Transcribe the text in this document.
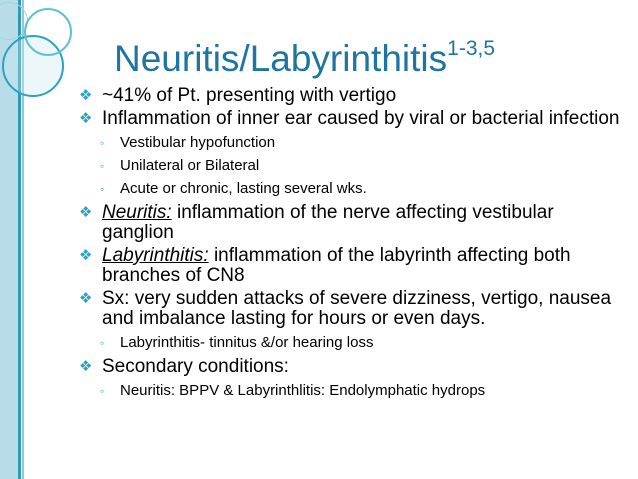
Neuritis/Labyrinthitis$^{1-3,5}$
❖ ~41% of Pt. presenting with vertigo
❖ Inflammation of inner ear caused by viral or bacterial infection
◦ Vestibular hypofunction
◦ Unilateral or Bilateral
◦ Acute or chronic, lasting several wks.
❖ Neuritis: inflammation of the nerve affecting vestibular ganglion
❖ Labyrinthitis: inflammation of the labyrinth affecting both branches of CN8
❖ Sx: very sudden attacks of severe dizziness, vertigo, nausea and imbalance lasting for hours or even days.
◦ Labyrinthitis- tinnitus &/or hearing loss
❖ Secondary conditions:
◦ Neuritis: BPPV & Labyrinthlitis: Endolymphatic hydrops
